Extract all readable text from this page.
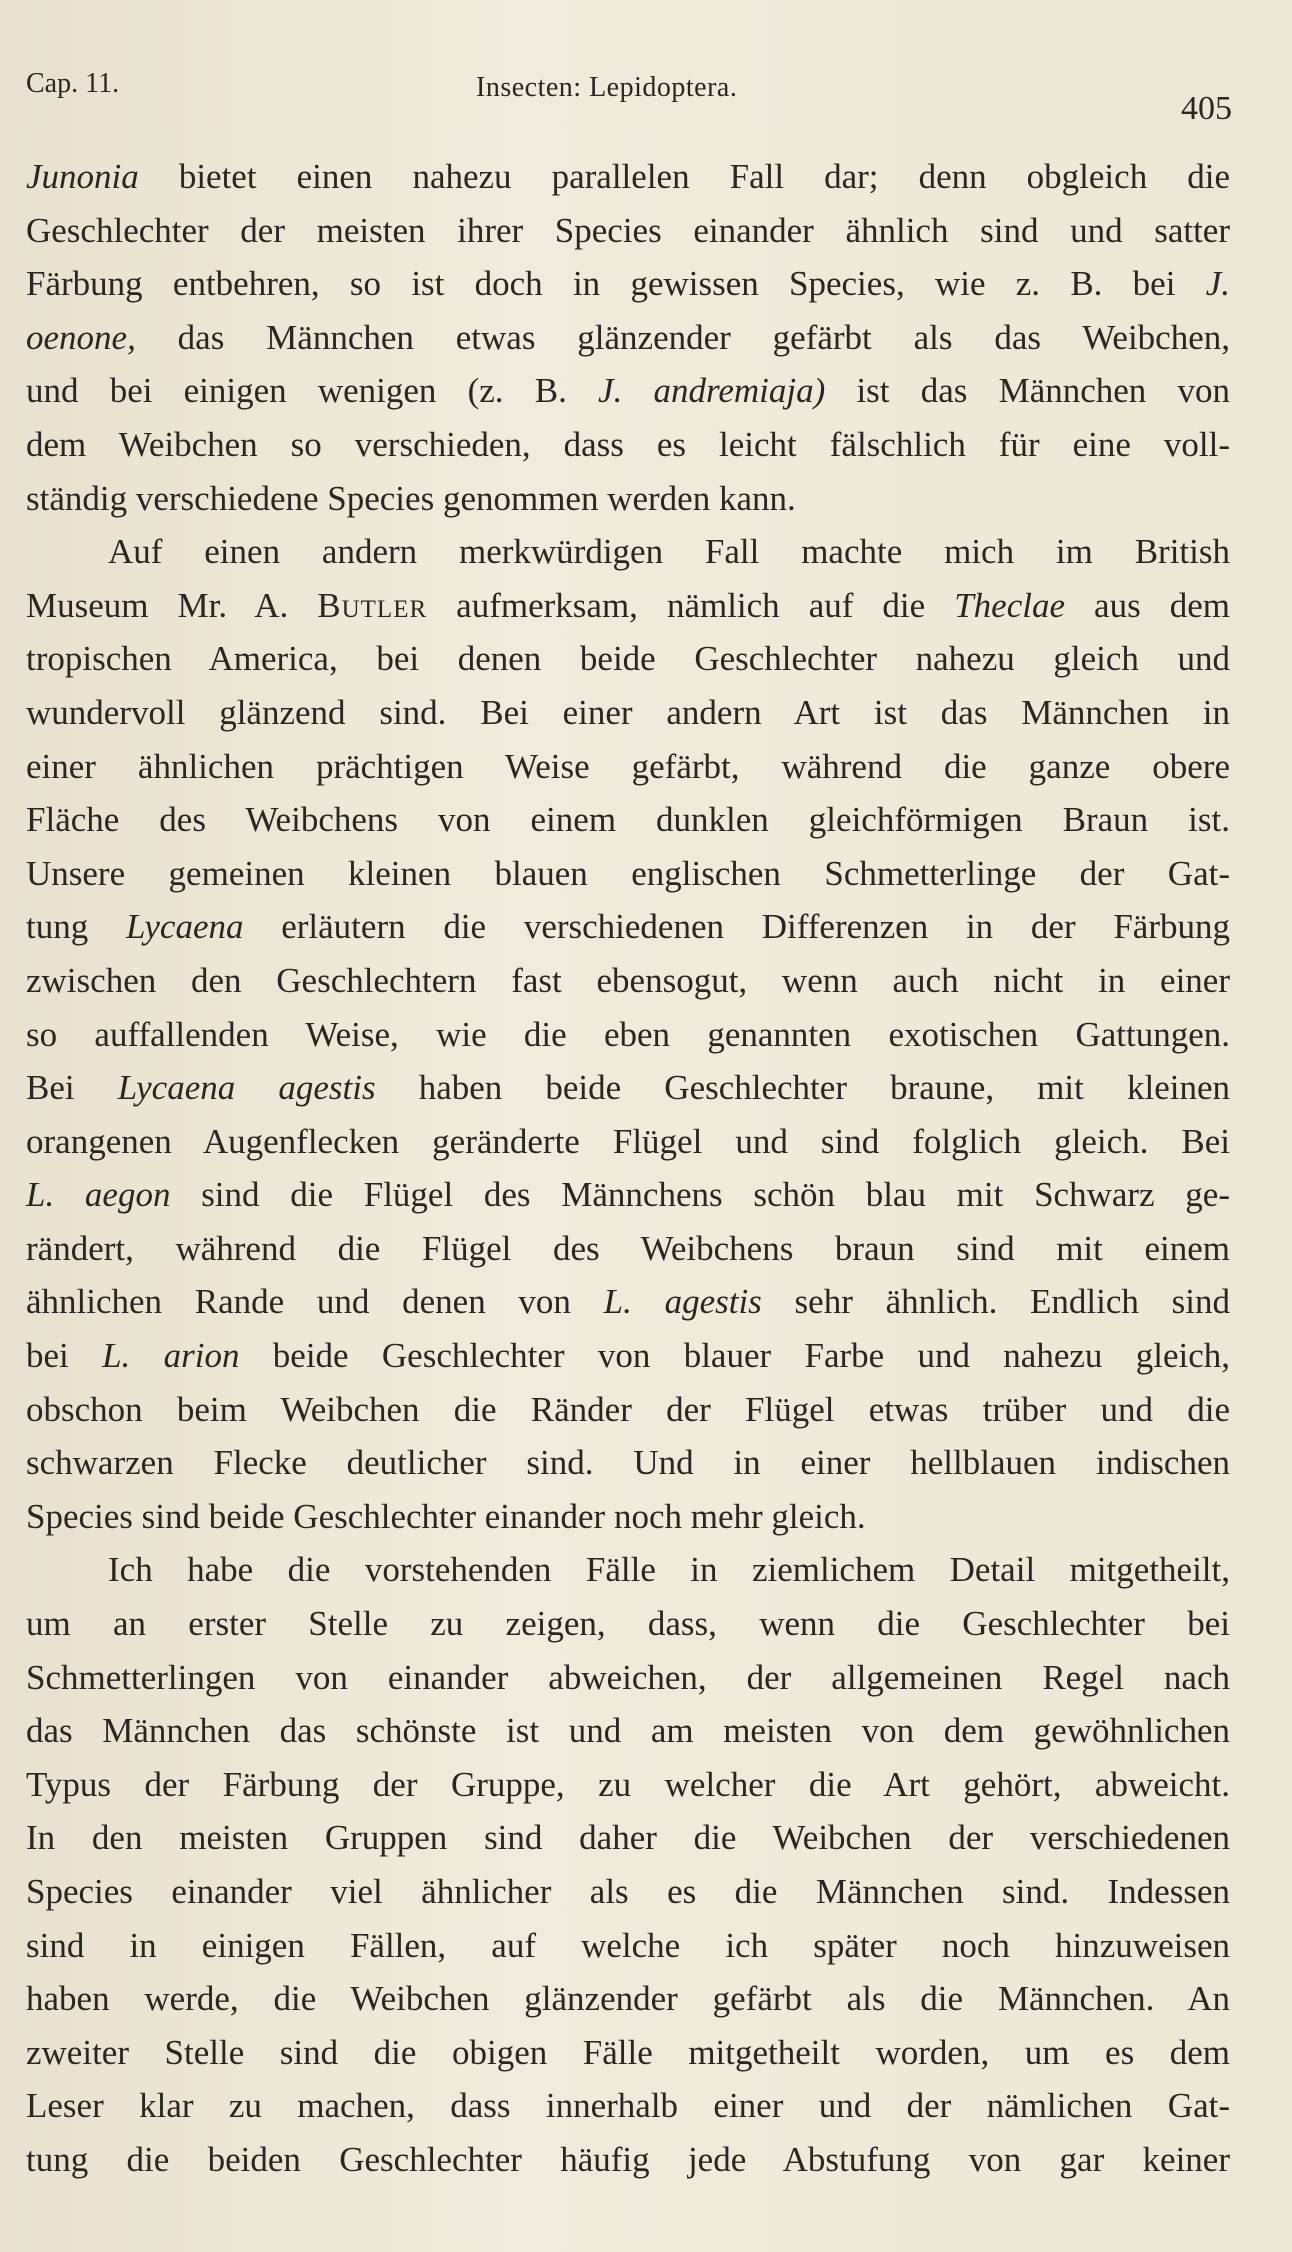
Cap. 11.	Insecten: Lepidoptera.
405
Junonia bietet einen nahezu parallelen Fall dar; denn obgleich die
Geschlechter der meisten ihrer Species einander ähnlich sind und satter
Färbung entbehren, so ist doch in gewissen Species, wie z. B. bei J.
oenone, das Männchen etwas glänzender gefärbt als das Weibchen,
und bei einigen wenigen (z. B. J. andremiaja) ist das Männchen von
dem Weibchen so verschieden, dass es leicht fälschlich für eine voll-
ständig verschiedene Species genommen werden kann.
Auf einen andern merkwürdigen Fall machte mich im British
Museum Mr. A. Butler aufmerksam, nämlich auf die Theclae aus dem
tropischen America, bei denen beide Geschlechter nahezu gleich und
wundervoll glänzend sind. Bei einer andern Art ist das Männchen in
einer ähnlichen prächtigen Weise gefärbt, während die ganze obere
Fläche des Weibchens von einem dunklen gleichförmigen Braun ist.
Unsere gemeinen kleinen blauen englischen Schmetterlinge der Gat-
tung Lycaena erläutern die verschiedenen Differenzen in der Färbung
zwischen den Geschlechtern fast ebensogut, wenn auch nicht in einer
so auffallenden Weise, wie die eben genannten exotischen Gattungen.
Bei Lycaena agestis haben beide Geschlechter braune, mit kleinen
orangenen Augenflecken geränderte Flügel und sind folglich gleich. Bei
L. aegon sind die Flügel des Männchens schön blau mit Schwarz ge-
rändert, während die Flügel des Weibchens braun sind mit einem
ähnlichen Rande und denen von L. agestis sehr ähnlich. Endlich sind
bei L. arion beide Geschlechter von blauer Farbe und nahezu gleich,
obschon beim Weibchen die Ränder der Flügel etwas trüber und die
schwarzen Flecke deutlicher sind. Und in einer hellblauen indischen
Species sind beide Geschlechter einander noch mehr gleich.
Ich habe die vorstehenden Fälle in ziemlichem Detail mitgetheilt,
um an erster Stelle zu zeigen, dass, wenn die Geschlechter bei
Schmetterlingen von einander abweichen, der allgemeinen Regel nach
das Männchen das schönste ist und am meisten von dem gewöhnlichen
Typus der Färbung der Gruppe, zu welcher die Art gehört, abweicht.
In den meisten Gruppen sind daher die Weibchen der verschiedenen
Species einander viel ähnlicher als es die Männchen sind. Indessen
sind in einigen Fällen, auf welche ich später noch hinzuweisen
haben werde, die Weibchen glänzender gefärbt als die Männchen. An
zweiter Stelle sind die obigen Fälle mitgetheilt worden, um es dem
Leser klar zu machen, dass innerhalb einer und der nämlichen Gat-
tung die beiden Geschlechter häufig jede Abstufung von gar keiner
